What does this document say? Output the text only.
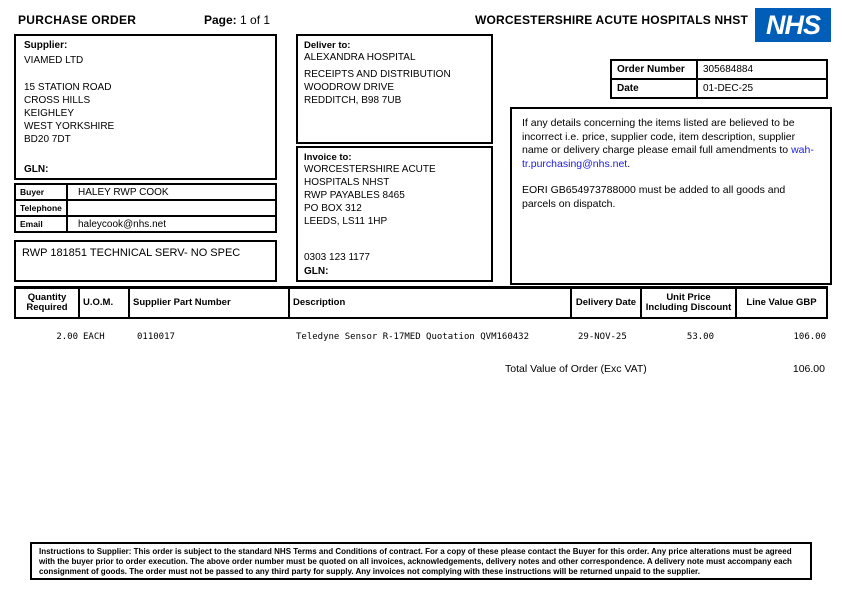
PURCHASE ORDER	Page: 1 of 1	WORCESTERSHIRE ACUTE HOSPITALS NHST NHS
Supplier:
VIAMED LTD
15 STATION ROAD
CROSS HILLS
KEIGHLEY
WEST YORKSHIRE
BD20 7DT
GLN:
Buyer	HALEY RWP COOK
Telephone	
Email	haleycook@nhs.net
RWP 181851 TECHNICAL SERV- NO SPEC
Deliver to:
ALEXANDRA HOSPITAL
RECEIPTS AND DISTRIBUTION
WOODROW DRIVE
REDDITCH, B98 7UB
Invoice to:
WORCESTERSHIRE ACUTE HOSPITALS NHST
RWP PAYABLES 8465
PO BOX 312
LEEDS, LS11 1HP
0303 123 1177
GLN:
Order Number	305684884
Date	01-DEC-25

If any details concerning the items listed are believed to be incorrect i.e. price, supplier code, item description, supplier name or delivery charge please email full amendments to wah-tr.purchasing@nhs.net.

EORI GB654973788000 must be added to all goods and parcels on dispatch.

Quantity Required	U.O.M.	Supplier Part Number	Description	Delivery Date	Unit Price Including Discount	Line Value GBP
2.00 EACH	0110017	Teledyne Sensor R-17MED Quotation QVM160432	29-NOV-25	53.00	106.00
Total Value of Order (Exc VAT)	106.00
Instructions to Supplier: This order is subject to the standard NHS Terms and Conditions of contract. For a copy of these please contact the Buyer for this order. Any price alterations must be agreed with the buyer prior to order execution. The above order number must be quoted on all invoices, acknowledgements, delivery notes and other correspondence. A delivery note must accompany each consignment of goods. The order must not be passed to any third party for supply. Any invoices not complying with these instructions will be returned unpaid to the supplier.
